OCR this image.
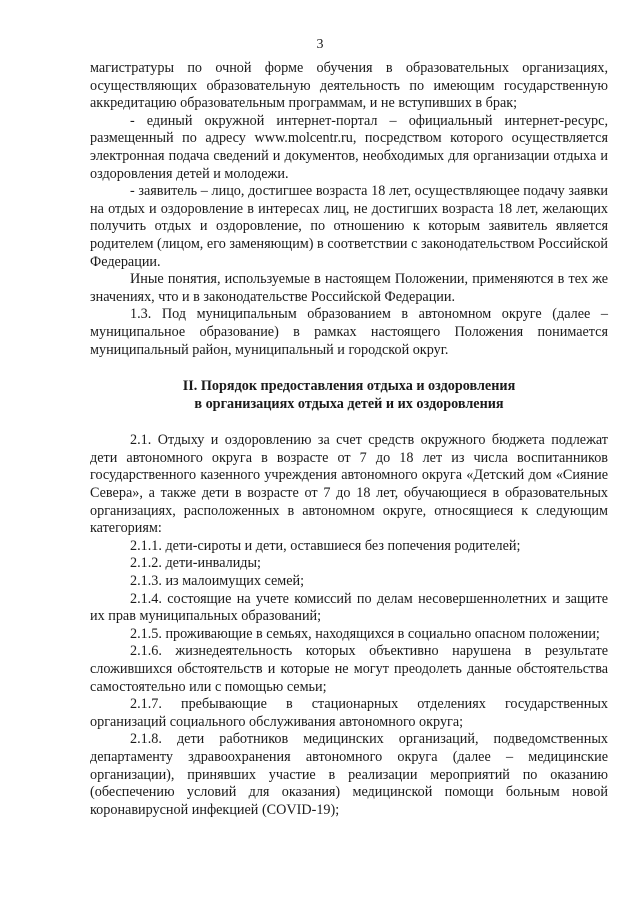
3

магистратуры по очной форме обучения в образовательных организациях, осуществляющих образовательную деятельность по имеющим государственную аккредитацию образовательным программам, и не вступивших в брак;

- единый окружной интернет-портал – официальный интернет-ресурс, размещенный по адресу www.molcentr.ru, посредством которого осуществляется электронная подача сведений и документов, необходимых для организации отдыха и оздоровления детей и молодежи.

- заявитель – лицо, достигшее возраста 18 лет, осуществляющее подачу заявки на отдых и оздоровление в интересах лиц, не достигших возраста 18 лет, желающих получить отдых и оздоровление, по отношению к которым заявитель является родителем (лицом, его заменяющим) в соответствии с законодательством Российской Федерации.

Иные понятия, используемые в настоящем Положении, применяются в тех же значениях, что и в законодательстве Российской Федерации.

1.3. Под муниципальным образованием в автономном округе (далее – муниципальное образование) в рамках настоящего Положения понимается муниципальный район, муниципальный и городской округ.

II. Порядок предоставления отдыха и оздоровления
в организациях отдыха детей и их оздоровления

2.1. Отдыху и оздоровлению за счет средств окружного бюджета подлежат дети автономного округа в возрасте от 7 до 18 лет из числа воспитанников государственного казенного учреждения автономного округа «Детский дом «Сияние Севера», а также дети в возрасте от 7 до 18 лет, обучающиеся в образовательных организациях, расположенных в автономном округе, относящиеся к следующим категориям:

2.1.1. дети-сироты и дети, оставшиеся без попечения родителей;

2.1.2. дети-инвалиды;

2.1.3. из малоимущих семей;

2.1.4. состоящие на учете комиссий по делам несовершеннолетних и защите их прав муниципальных образований;

2.1.5. проживающие в семьях, находящихся в социально опасном положении;

2.1.6. жизнедеятельность которых объективно нарушена в результате сложившихся обстоятельств и которые не могут преодолеть данные обстоятельства самостоятельно или с помощью семьи;

2.1.7. пребывающие в стационарных отделениях государственных организаций социального обслуживания автономного округа;

2.1.8. дети работников медицинских организаций, подведомственных департаменту здравоохранения автономного округа (далее – медицинские организации), принявших участие в реализации мероприятий по оказанию (обеспечению условий для оказания) медицинской помощи больным новой коронавирусной инфекцией (COVID-19);
